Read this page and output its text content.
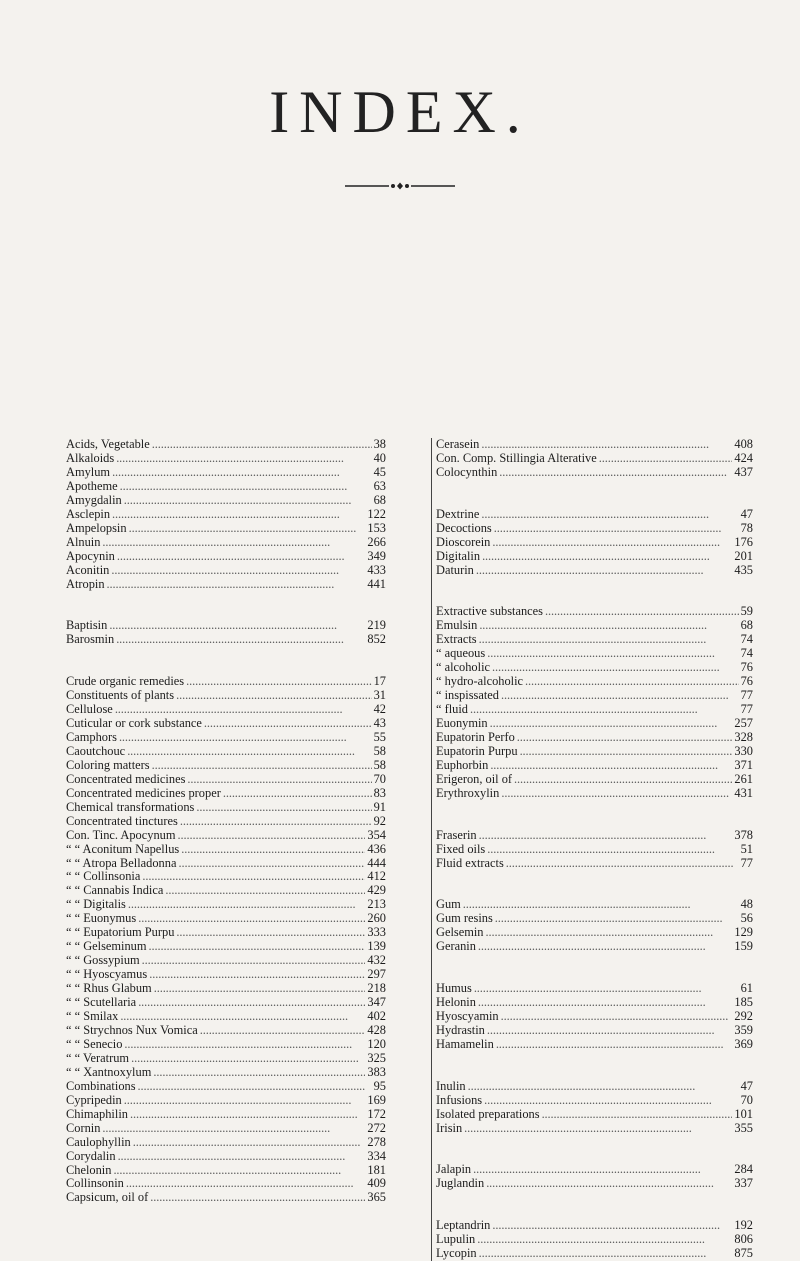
INDEX.
Acids, Vegetable . . .	38
Alkaloids . . .	40
Amylum . . .	45
Apotheme . . .	63
Amygdalin . . .	68
Asclepin . . .	122
Ampelopsin . . .	153
Alnuin . . .	266
Apocynin . . .	349
Aconitin . . .	433
Atropin . . .	441
Baptisin . . .	219
Barosmin . . .	852
Crude organic remedies . . .	17
Constituents of plants . . .	31
Cellulose . . .	42
Cuticular or cork substance . . .	43
Camphors . . .	55
Caoutchouc . . .	58
Coloring matters . . .	58
Concentrated medicines . . .	70
Concentrated medicines proper . . .	83
Chemical transformations . . .	91
Concentrated tinctures . . .	92
Con. Tinc. Apocynum . . .	354
“ “ Aconitum Napellus . . .	436
“ “ Atropa Belladonna . . .	444
“ “ Collinsonia . . .	412
“ “ Cannabis Indica . . .	429
“ “ Digitalis . . .	213
“ “ Euonymus . . .	260
“ “ Eupatorium Purpu . . .	333
“ “ Gelseminum . . .	139
“ “ Gossypium . . .	432
“ “ Hyoscyamus . . .	297
“ “ Rhus Glabum . . .	218
“ “ Scutellaria . . .	347
“ “ Smilax . . .	402
“ “ Strychnos Nux Vomica . . .	428
“ “ Senecio . . .	120
“ “ Veratrum . . .	325
“ “ Xantnoxylum . . .	383
Combinations . . .	95
Cypripedin . . .	169
Chimaphilin . . .	172
Cornin . . .	272
Caulophyllin . . .	278
Corydalin . . .	334
Chelonin . . .	181
Collinsonin . . .	409
Capsicum, oil of . . .	365
Cerasein . . .	408
Con. Comp. Stillingia Alterative . . .	424
Colocynthin . . .	437
Dextrine . . .	47
Decoctions . . .	78
Dioscorein . . .	176
Digitalin . . .	201
Daturin . . .	435
Extractive substances . . .	59
Emulsin . . .	68
Extracts . . .	74
“ aqueous . . .	74
“ alcoholic . . .	76
“ hydro-alcoholic . . .	76
“ inspissated . . .	77
“ fluid . . .	77
Euonymin . . .	257
Eupatorin Perfo . . .	328
Eupatorin Purpu . . .	330
Euphorbin . . .	371
Erigeron, oil of . . .	261
Erythroxylin . . .	431
Fraserin . . .	378
Fixed oils . . .	51
Fluid extracts . . .	77
Gum . . .	48
Gum resins . . .	56
Gelsemin . . .	129
Geranin . . .	159
Humus . . .	61
Helonin . . .	185
Hyoscyamin . . .	292
Hydrastin . . .	359
Hamamelin . . .	369
Inulin . . .	47
Infusions . . .	70
Isolated preparations . . .	101
Irisin . . .	355
Jalapin . . .	284
Juglandin . . .	337
Leptandrin . . .	192
Lupulin . . .	806
Lycopin . . .	875
